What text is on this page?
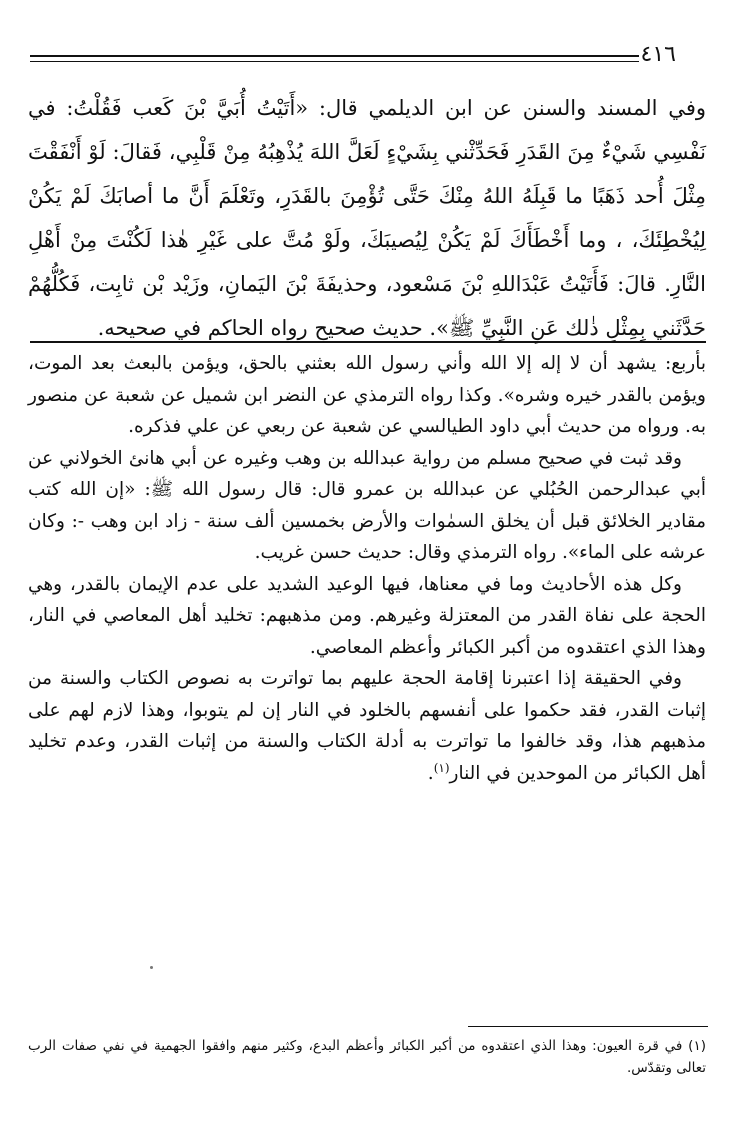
٤١٦

وفي المسند والسنن عن ابن الديلمي قال: «أَتَيْتُ أُبَيَّ بْنَ كَعب فَقُلْتُ: في نَفْسِي شَيْءٌ مِنَ القَدَرِ فَحَدِّثْني بِشَيْءٍ لَعَلَّ اللهَ يُذْهِبُهُ مِنْ قَلْبِي، فَقالَ: لَوْ أَنْفَقْتَ مِثْلَ أُحد ذَهَبًا ما قَبِلَهُ اللهُ مِنْكَ حَتَّى تُؤْمِنَ بالقَدَرِ، وتَعْلَمَ أَنَّ ما أصابَكَ لَمْ يَكُنْ لِيُخْطِئَكَ، ، وما أَخْطَأَكَ لَمْ يَكُنْ لِيُصيبَكَ، ولَوْ مُتَّ على غَيْرِ هٰذا لَكُنْتَ مِنْ أَهْلِ النَّارِ. قالَ: فَأَتَيْتُ عَبْدَاللهِ بْنَ مَسْعود، وحذيفَةَ بْنَ اليَمانِ، وزَيْد بْن ثابِت، فَكُلُّهُمْ حَدَّثَني بِمِثْلِ ذٰلك عَنِ النَّبِيِّ ﷺ». حديث صحيح رواه الحاكم في صحيحه.

بأربع: يشهد أن لا إله إلا الله وأني رسول الله بعثني بالحق، ويؤمن بالبعث بعد الموت، ويؤمن بالقدر خيره وشره». وكذا رواه الترمذي عن النضر ابن شميل عن شعبة عن منصور به. ورواه من حديث أبي داود الطيالسي عن شعبة عن ربعي عن علي فذكره.

وقد ثبت في صحيح مسلم من رواية عبدالله بن وهب وغيره عن أبي هانئ الخولاني عن أبي عبدالرحمن الحُبُلي عن عبدالله بن عمرو قال: قال رسول الله ﷺ: «إن الله كتب مقادير الخلائق قبل أن يخلق السمٰوات والأرض بخمسين ألف سنة - زاد ابن وهب -: وكان عرشه على الماء». رواه الترمذي وقال: حديث حسن غريب.

وكل هذه الأحاديث وما في معناها، فيها الوعيد الشديد على عدم الإيمان بالقدر، وهي الحجة على نفاة القدر من المعتزلة وغيرهم. ومن مذهبهم: تخليد أهل المعاصي في النار، وهذا الذي اعتقدوه من أكبر الكبائر وأعظم المعاصي.

وفي الحقيقة إذا اعتبرنا إقامة الحجة عليهم بما تواترت به نصوص الكتاب والسنة من إثبات القدر، فقد حكموا على أنفسهم بالخلود في النار إن لم يتوبوا، وهذا لازم لهم على مذهبهم هذا، وقد خالفوا ما تواترت به أدلة الكتاب والسنة من إثبات القدر، وعدم تخليد أهل الكبائر من الموحدين في النار$^{(١)}$.

(١) في قرة العيون: وهذا الذي اعتقدوه من أكبر الكبائر وأعظم البدع، وكثير منهم وافقوا الجهمية في نفي صفات الرب تعالى وتقدّس.
